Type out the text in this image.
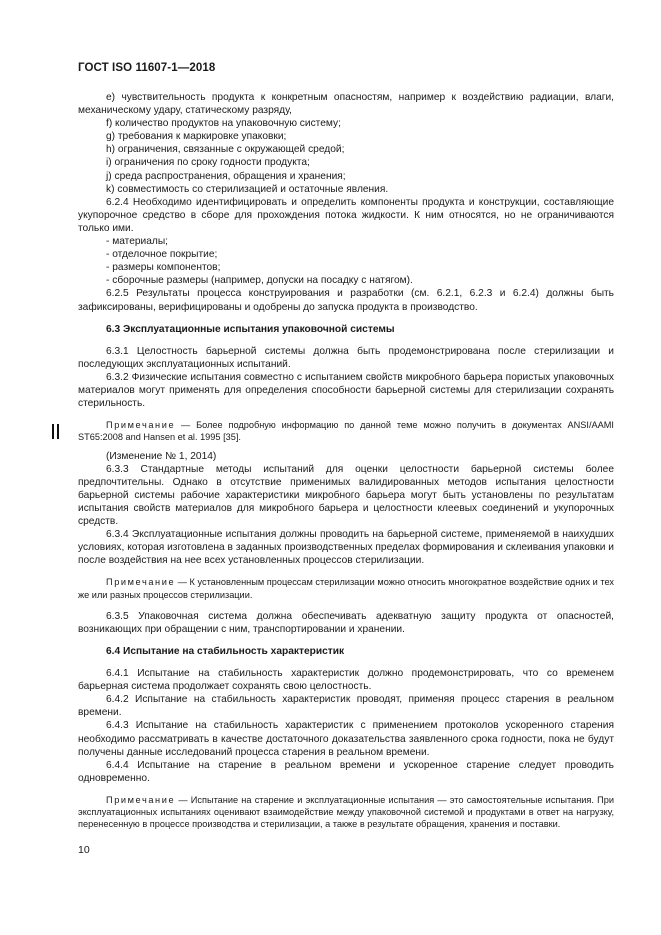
ГОСТ ISO 11607-1—2018

е) чувствительность продукта к конкретным опасностям, например к воздействию радиации, влаги, механическому удару, статическому разряду,

f) количество продуктов на упаковочную систему;

g) требования к маркировке упаковки;

h) ограничения, связанные с окружающей средой;

i) ограничения по сроку годности продукта;

j) среда распространения, обращения и хранения;

k) совместимость со стерилизацией и остаточные явления.

6.2.4 Необходимо идентифицировать и определить компоненты продукта и конструкции, составляющие укупорочное средство в сборе для прохождения потока жидкости. К ним относятся, но не ограничиваются только ими.

- материалы;

- отделочное покрытие;

- размеры компонентов;

- сборочные размеры (например, допуски на посадку с натягом).

6.2.5 Результаты процесса конструирования и разработки (см. 6.2.1, 6.2.3 и 6.2.4) должны быть зафиксированы, верифицированы и одобрены до запуска продукта в производство.

6.3 Эксплуатационные испытания упаковочной системы

6.3.1 Целостность барьерной системы должна быть продемонстрирована после стерилизации и последующих эксплуатационных испытаний.

6.3.2 Физические испытания совместно с испытанием свойств микробного барьера пористых упаковочных материалов могут применять для определения способности барьерной системы для стерилизации сохранять стерильность.

Примечание — Более подробную информацию по данной теме можно получить в документах ANSI/AAMI ST65:2008 and Hansen et al. 1995 [35].

(Изменение № 1, 2014)

6.3.3 Стандартные методы испытаний для оценки целостности барьерной системы более предпочтительны. Однако в отсутствие применимых валидированных методов испытания целостности барьерной системы рабочие характеристики микробного барьера могут быть установлены по результатам испытания свойств материалов для микробного барьера и целостности клеевых соединений и укупорочных средств.

6.3.4 Эксплуатационные испытания должны проводить на барьерной системе, применяемой в наихудших условиях, которая изготовлена в заданных производственных пределах формирования и склеивания упаковки и после воздействия на нее всех установленных процессов стерилизации.

Примечание — К установленным процессам стерилизации можно относить многократное воздействие одних и тех же или разных процессов стерилизации.

6.3.5 Упаковочная система должна обеспечивать адекватную защиту продукта от опасностей, возникающих при обращении с ним, транспортировании и хранении.

6.4 Испытание на стабильность характеристик

6.4.1 Испытание на стабильность характеристик должно продемонстрировать, что со временем барьерная система продолжает сохранять свою целостность.

6.4.2 Испытание на стабильность характеристик проводят, применяя процесс старения в реальном времени.

6.4.3 Испытание на стабильность характеристик с применением протоколов ускоренного старения необходимо рассматривать в качестве достаточного доказательства заявленного срока годности, пока не будут получены данные исследований процесса старения в реальном времени.

6.4.4 Испытание на старение в реальном времени и ускоренное старение следует проводить одновременно.

Примечание — Испытание на старение и эксплуатационные испытания — это самостоятельные испытания. При эксплуатационных испытаниях оценивают взаимодействие между упаковочной системой и продуктами в ответ на нагрузку, перенесенную в процессе производства и стерилизации, а также в результате обращения, хранения и поставки.

10
